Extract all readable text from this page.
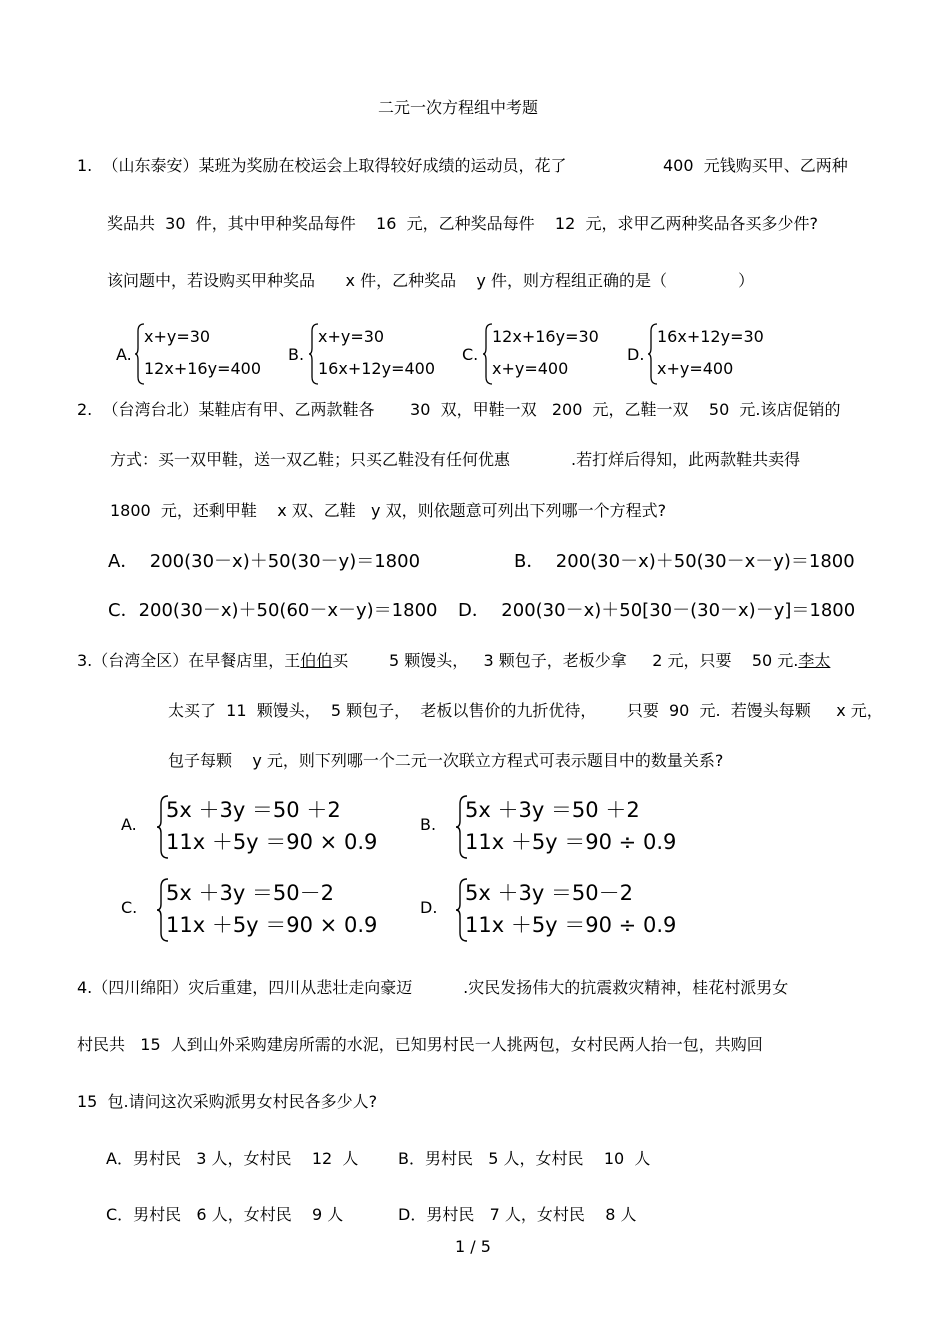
二元一次方程组中考题
1.  （山东泰安）某班为奖励在校运会上取得较好成绩的运动员，花了	400  元钱购买甲、乙两种
奖品共  30  件，其中甲种奖品每件    16  元，乙种奖品每件    12  元，求甲乙两种奖品各买多少件?
该问题中，若设购买甲种奖品      x 件，乙种奖品    y 件，则方程组正确的是（              ）
A.
x+y=30
12x+16y=400
B.
x+y=30
16x+12y=400
C.
12x+16y=30
x+y=400
D.
16x+12y=30
x+y=400
2.  （台湾台北）某鞋店有甲、乙两款鞋各       30  双，甲鞋一双   200  元，乙鞋一双    50  元.该店促销的
方式：买一双甲鞋，送一双乙鞋；只买乙鞋没有任何优惠            .若打烊后得知，此两款鞋共卖得
1800  元，还剩甲鞋    x 双、乙鞋   y 双，则依题意可列出下列哪一个方程式?
A．  200(30－x)＋50(30－y)＝1800	B．  200(30－x)＋50(30－x－y)＝1800
C．200(30－x)＋50(60－x－y)＝1800 D．  200(30－x)＋50[30－(30－x)－y]＝1800
3.（台湾全区）在早餐店里，王伯伯买        5 颗馒头，   3 颗包子，老板少拿     2 元，只要    50 元.李太
太买了  11  颗馒头，  5 颗包子，  老板以售价的九折优待，      只要  90  元.  若馒头每颗     x 元，
包子每颗    y 元，则下列哪一个二元一次联立方程式可表示题目中的数量关系?
A.
5x ＋3y ＝50 ＋2
11x ＋5y ＝90 × 0.9
B.
5x ＋3y ＝50 ＋2
11x ＋5y ＝90 ÷ 0.9
C.
5x ＋3y ＝50－2
11x ＋5y ＝90 × 0.9
D.
5x ＋3y ＝50－2
11x ＋5y ＝90 ÷ 0.9
4.（四川绵阳）灾后重建，四川从悲壮走向豪迈          .灾民发扬伟大的抗震救灾精神，桂花村派男女
村民共   15  人到山外采购建房所需的水泥，已知男村民一人挑两包，女村民两人抬一包，共购回
15  包.请问这次采购派男女村民各多少人?
A．男村民   3 人，女村民    12  人 B．男村民   5 人，女村民    10  人
C．男村民   6 人，女村民    9 人	D．男村民   7 人，女村民    8 人
1 / 5
